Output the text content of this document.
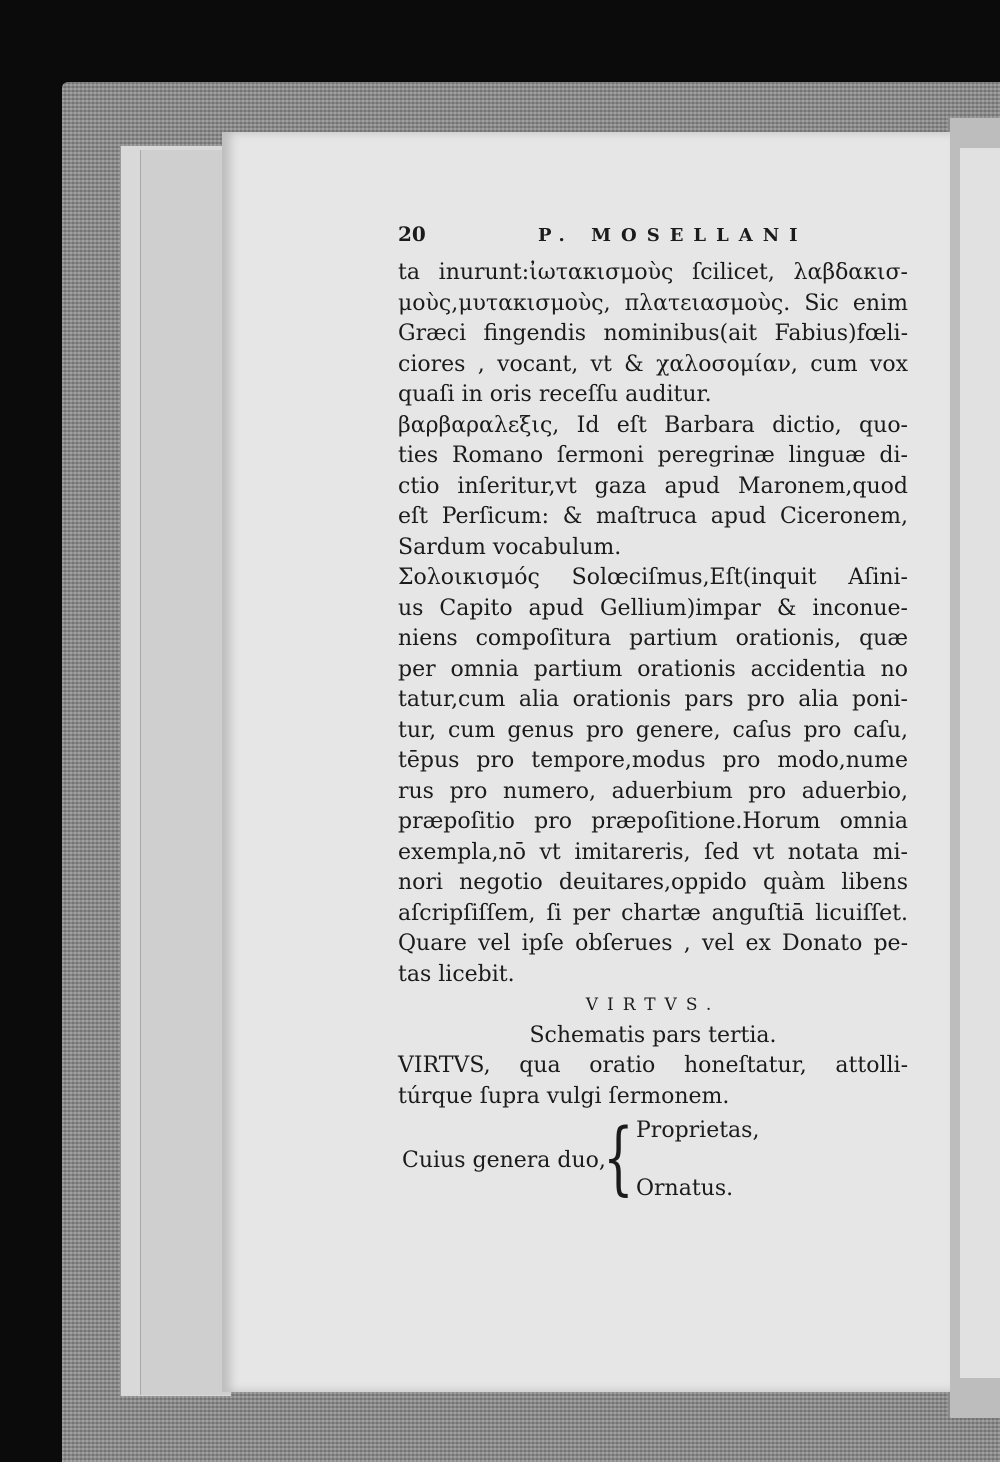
20	P. MOSELLANI
ta inurunt:ἰωτακισμοὺς ſcilicet, λαβδακισ-
μοὺς,μυτακισμοὺς, πλατειασμοὺς. Sic enim
Græci fingendis nominibus(ait Fabius)fœli-
ciores , vocant, vt & χαλοσομίαν, cum vox
quaſi in oris receſſu auditur.
βαρβαραλεξις, Id eſt Barbara dictio, quo-
ties Romano ſermoni peregrinæ linguæ di-
ctio inſeritur,vt gaza apud Maronem,quod
eſt Perſicum: & maſtruca apud Ciceronem,
Sardum vocabulum.
Σολοικισμός Solœciſmus,Eſt(inquit Aſini-
us Capito apud Gellium)impar & inconue-
niens compoſitura partium orationis, quæ
per omnia partium orationis accidentia no
tatur,cum alia orationis pars pro alia poni-
tur, cum genus pro genere, caſus pro caſu,
tēpus pro tempore,modus pro modo,nume
rus pro numero, aduerbium pro aduerbio,
præpoſitio pro præpoſitione.Horum omnia
exempla,nō vt imitareris, ſed vt notata mi-
nori negotio deuitares,oppido quàm libens
aſcripſiſſem, ſi per chartæ anguſtiā licuiſſet.
Quare vel ipſe obſerues , vel ex Donato pe-
tas licebit.
VIRTVS.
Schematis pars tertia.
VIRTVS, qua oratio honeſtatur, attolli-
túrque ſupra vulgi ſermonem.
Cuius genera duo,
{ Proprietas,
Ornatus.
